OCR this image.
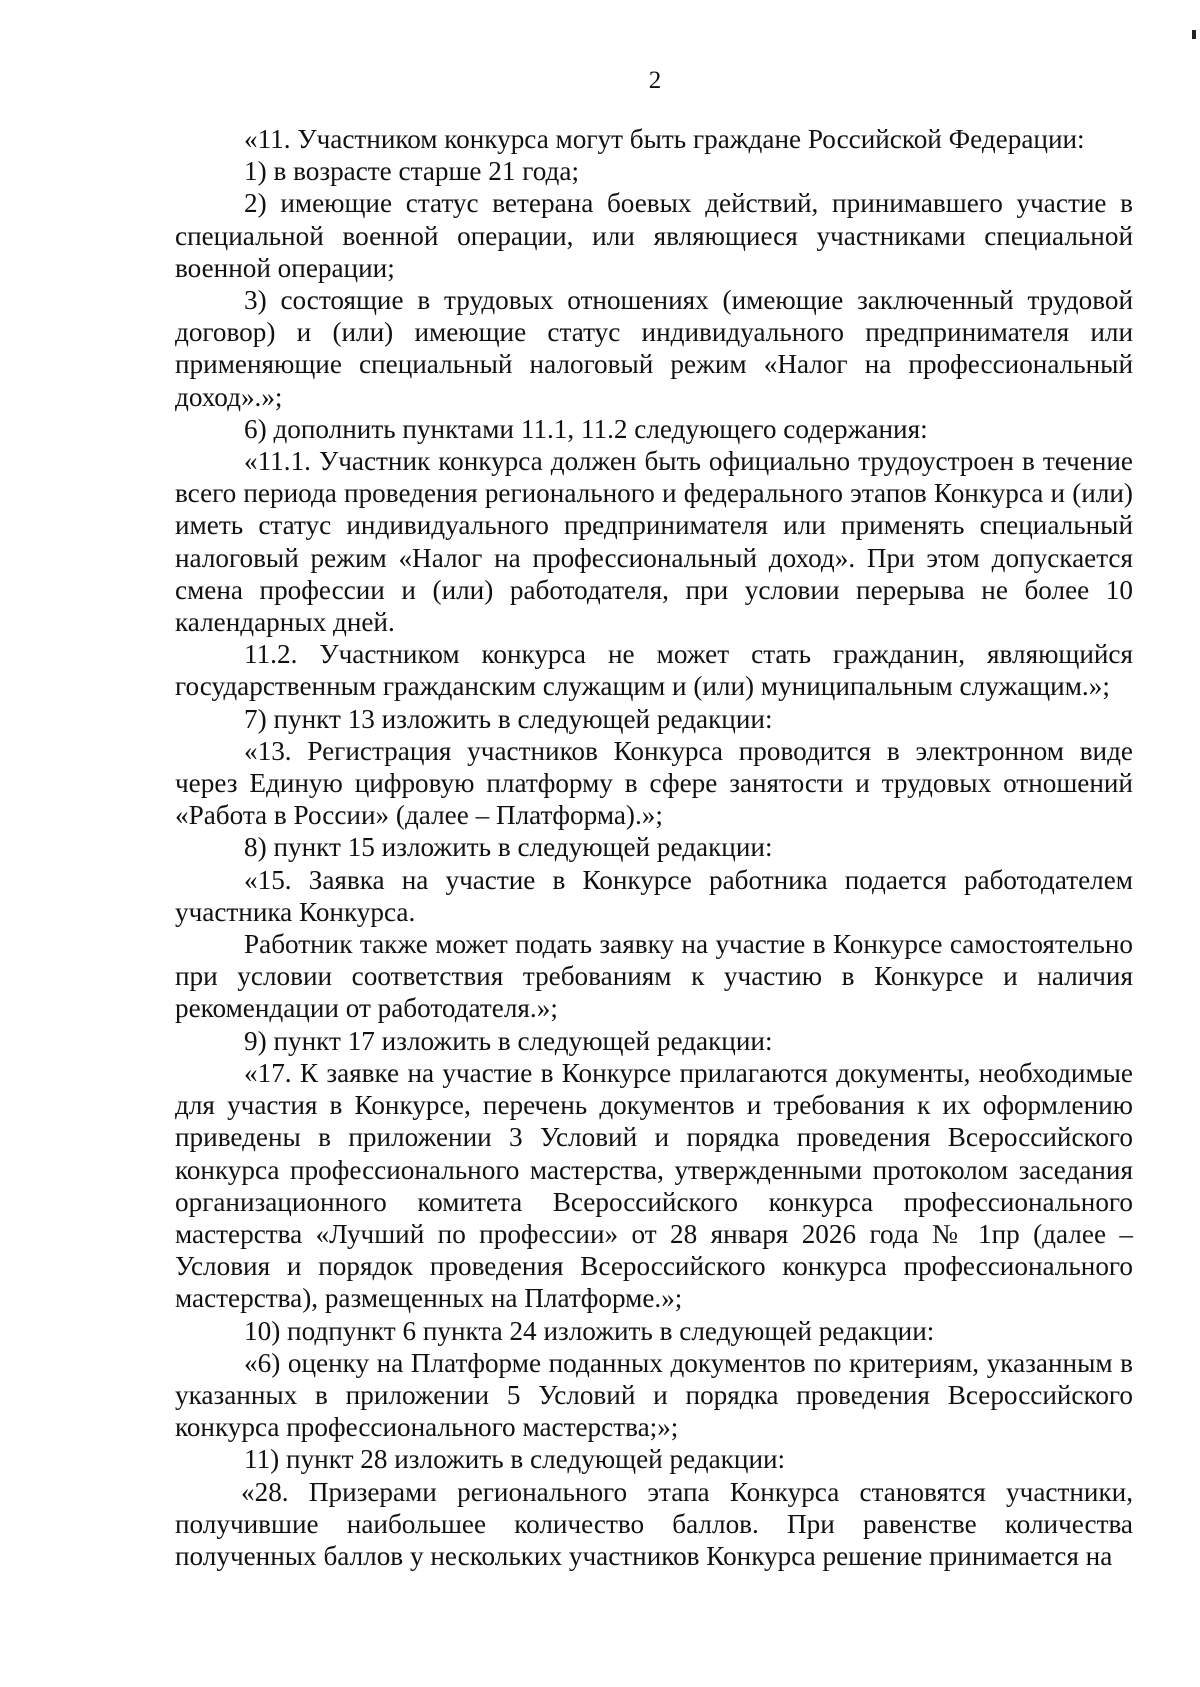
2

«11. Участником конкурса могут быть граждане Российской Федерации:

1) в возрасте старше 21 года;

2) имеющие статус ветерана боевых действий, принимавшего участие в специальной военной операции, или являющиеся участниками специальной военной операции;

3) состоящие в трудовых отношениях (имеющие заключенный трудовой договор) и (или) имеющие статус индивидуального предпринимателя или применяющие специальный налоговый режим «Налог на профессиональный доход».»;

6) дополнить пунктами 11.1, 11.2 следующего содержания:

«11.1. Участник конкурса должен быть официально трудоустроен в течение всего периода проведения регионального и федерального этапов Конкурса и (или) иметь статус индивидуального предпринимателя или применять специальный налоговый режим «Налог на профессиональный доход». При этом допускается смена профессии и (или) работодателя, при условии перерыва не более 10 календарных дней.

11.2. Участником конкурса не может стать гражданин, являющийся государственным гражданским служащим и (или) муниципальным служащим.»;

7) пункт 13 изложить в следующей редакции:

«13. Регистрация участников Конкурса проводится в электронном виде через Единую цифровую платформу в сфере занятости и трудовых отношений «Работа в России» (далее – Платформа).»;

8) пункт 15 изложить в следующей редакции:

«15. Заявка на участие в Конкурсе работника подается работодателем участника Конкурса.

Работник также может подать заявку на участие в Конкурсе самостоятельно при условии соответствия требованиям к участию в Конкурсе и наличия рекомендации от работодателя.»;

9) пункт 17 изложить в следующей редакции:

«17. К заявке на участие в Конкурсе прилагаются документы, необходимые для участия в Конкурсе, перечень документов и требования к их оформлению приведены в приложении 3 Условий и порядка проведения Всероссийского конкурса профессионального мастерства, утвержденными протоколом заседания организационного комитета Всероссийского конкурса профессионального мастерства «Лучший по профессии» от 28 января 2026 года № 1пр (далее – Условия и порядок проведения Всероссийского конкурса профессионального мастерства), размещенных на Платформе.»;

10) подпункт 6 пункта 24 изложить в следующей редакции:

«6) оценку на Платформе поданных документов по критериям, указанным в указанных в приложении 5 Условий и порядка проведения Всероссийского конкурса профессионального мастерства;»;

11) пункт 28 изложить в следующей редакции:

«28. Призерами регионального этапа Конкурса становятся участники, получившие наибольшее количество баллов. При равенстве количества полученных баллов у нескольких участников Конкурса решение принимается на
